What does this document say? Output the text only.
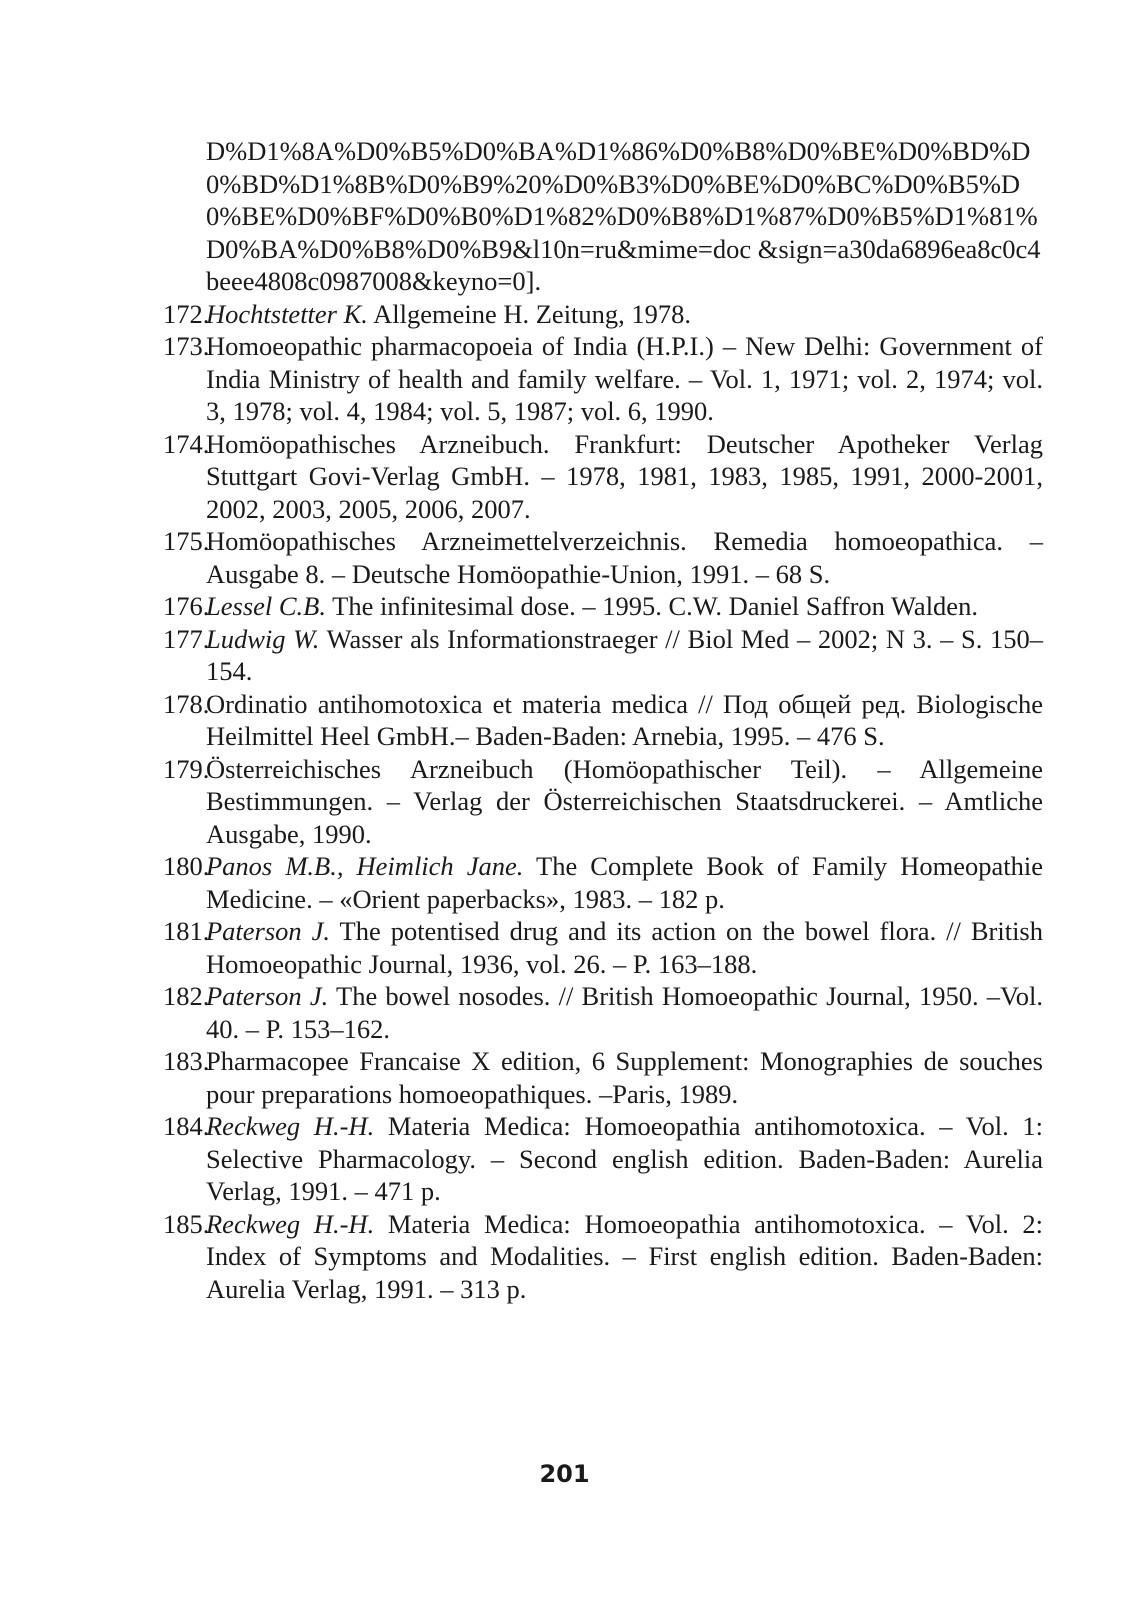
D%D1%8A%D0%B5%D0%BA%D1%86%D0%B8%D0%BE%D0%BD%D0%BD%D1%8B%D0%B9%20%D0%B3%D0%BE%D0%BC%D0%B5%D0%BE%D0%BF%D0%B0%D1%82%D0%B8%D1%87%D0%B5%D1%81%D0%BA%D0%B8%D0%B9&l10n=ru&mime=doc &sign=a30da6896ea8c0c4beee4808c0987008&keyno=0].

172.
Hochtstetter K. Allgemeine H. Zeitung, 1978.

173.
Homoeopathic pharmacopoeia of India (H.P.I.) – New Delhi: Government of India Ministry of health and family welfare. – Vol. 1, 1971; vol. 2, 1974; vol. 3, 1978; vol. 4, 1984; vol. 5, 1987; vol. 6, 1990.

174.
Homöopathisches Arzneibuch. Frankfurt: Deutscher Apotheker Verlag Stuttgart Govi-Verlag GmbH. – 1978, 1981, 1983, 1985, 1991, 2000-2001, 2002, 2003, 2005, 2006, 2007.

175.
Homöopathisches Arzneimettelverzeichnis. Remedia homoeopathica. – Ausgabe 8. – Deutsche Homöopathie-Union, 1991. – 68 S.

176.
Lessel C.B. The infinitesimal dose. – 1995. C.W. Daniel Saffron Walden.

177.
Ludwig W. Wasser als Informationstraeger // Biol Med – 2002; N 3. – S. 150–154.

178.
Ordinatio antihomotoxica et materia medica // Под общей ред. Biologische Heilmittel Heel GmbH.– Baden-Baden: Arnebia, 1995. – 476 S.

179.
Österreichisches Arzneibuch (Homöopathischer Teil). – Allgemeine Bestimmungen. – Verlag der Österreichischen Staatsdruckerei. – Amtliche Ausgabe, 1990.

180.
Panos M.B., Heimlich Jane. The Complete Book of Family Homeopathie Medicine. – «Orient paperbacks», 1983. – 182 p.

181.
Paterson J. The potentised drug and its action on the bowel flora. // British Homoeopathic Journal, 1936, vol. 26. – P. 163–188.

182.
Paterson J. The bowel nosodes. // British Homoeopathic Journal, 1950. –Vol. 40. – P. 153–162.

183.
Pharmacopee Francaise X edition, 6 Supplement: Monographies de souches pour preparations homoeopathiques. –Paris, 1989.

184.
Reckweg H.-H. Materia Medica: Homoeopathia antihomotoxica. – Vol. 1: Selective Pharmacology. – Second english edition. Baden-Baden: Aurelia Verlag, 1991. – 471 p.

185.
Reckweg H.-H. Materia Medica: Homoeopathia antihomotoxica. – Vol. 2: Index of Symptoms and Modalities. – First english edition. Baden-Baden: Aurelia Verlag, 1991. – 313 p.

201
